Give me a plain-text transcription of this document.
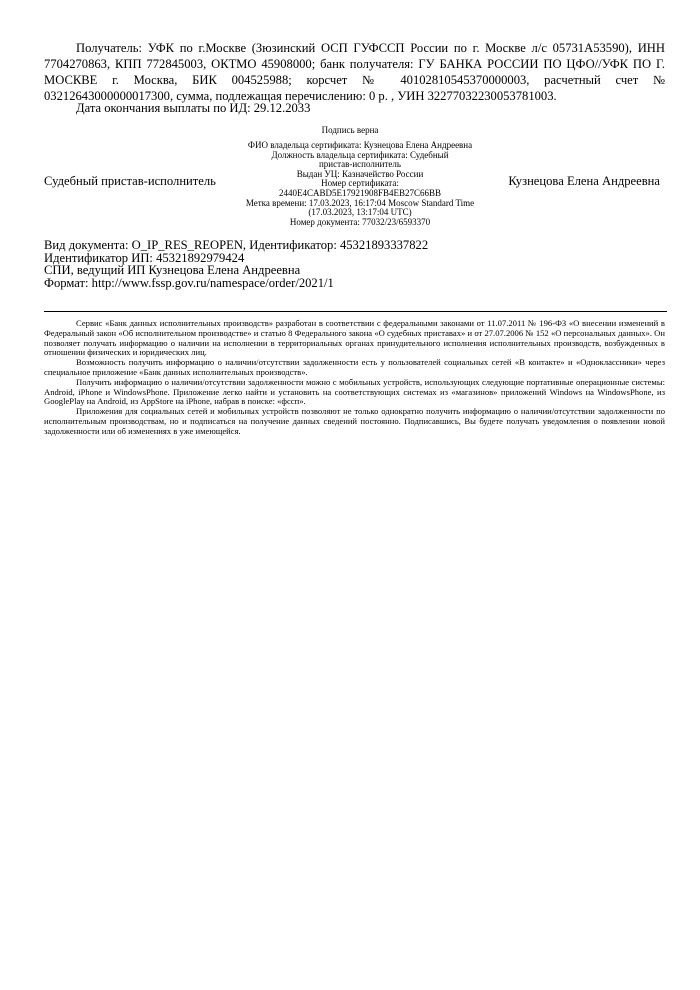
Получатель: УФК по г.Москве (Зюзинский ОСП ГУФССП России по г. Москве л/с 05731А53590), ИНН 7704270863, КПП 772845003, ОКТМО 45908000; банк получателя: ГУ БАНКА РОССИИ ПО ЦФО//УФК ПО Г. МОСКВЕ г. Москва, БИК 004525988; корсчет № 40102810545370000003, расчетный счет № 03212643000000017300, сумма, подлежащая перечислению: 0 р. , УИН 32277032230053781003.
Дата окончания выплаты по ИД: 29.12.2033
Подпись верна
ФИО владельца сертификата: Кузнецова Елена Андреевна
Должность владельца сертификата: Судебный
пристав-исполнитель
Выдан УЦ: Казначейство России
Номер сертификата:
2440E4CABD5E17921908FB4EB27C66BB
Метка времени: 17.03.2023, 16:17:04 Moscow Standard Time
(17.03.2023, 13:17:04 UTC)
Номер документа: 77032/23/6593370
Судебный пристав-исполнитель	Кузнецова Елена Андреевна
Вид документа: O_IP_RES_REOPEN, Идентификатор: 45321893337822
Идентификатор ИП: 45321892979424
СПИ, ведущий ИП Кузнецова Елена Андреевна
Формат: http://www.fssp.gov.ru/namespace/order/2021/1

Сервис «Банк данных исполнительных производств» разработан в соответствии с федеральными законами от 11.07.2011 № 196-ФЗ «О внесении изменений в Федеральный закон «Об исполнительном производстве» и статью 8 Федерального закона «О судебных приставах» и от 27.07.2006 № 152 «О персональных данных». Он позволяет получать информацию о наличии на исполнении в территориальных органах принудительного исполнения исполнительных производств, возбужденных в отношении физических и юридических лиц.

Возможность получить информацию о наличии/отсутствии задолженности есть у пользователей социальных сетей «В контакте» и «Одноклассники» через специальное приложение «Банк данных исполнительных производств».

Получить информацию о наличии/отсутствии задолженности можно с мобильных устройств, использующих следующие портативные операционные системы: Android, iPhone и WindowsPhone. Приложение легко найти и установить на соответствующих системах из «магазинов» приложений Windows на WindowsPhone, из GooglePlay на Android, из AppStore на iPhone, набрав в поиске: «фссп».

Приложения для социальных сетей и мобильных устройств позволяют не только однократно получить информацию о наличии/отсутствии задолженности по исполнительным производствам, но и подписаться на получение данных сведений постоянно. Подписавшись, Вы будете получать уведомления о появлении новой задолженности или об изменениях в уже имеющейся.
